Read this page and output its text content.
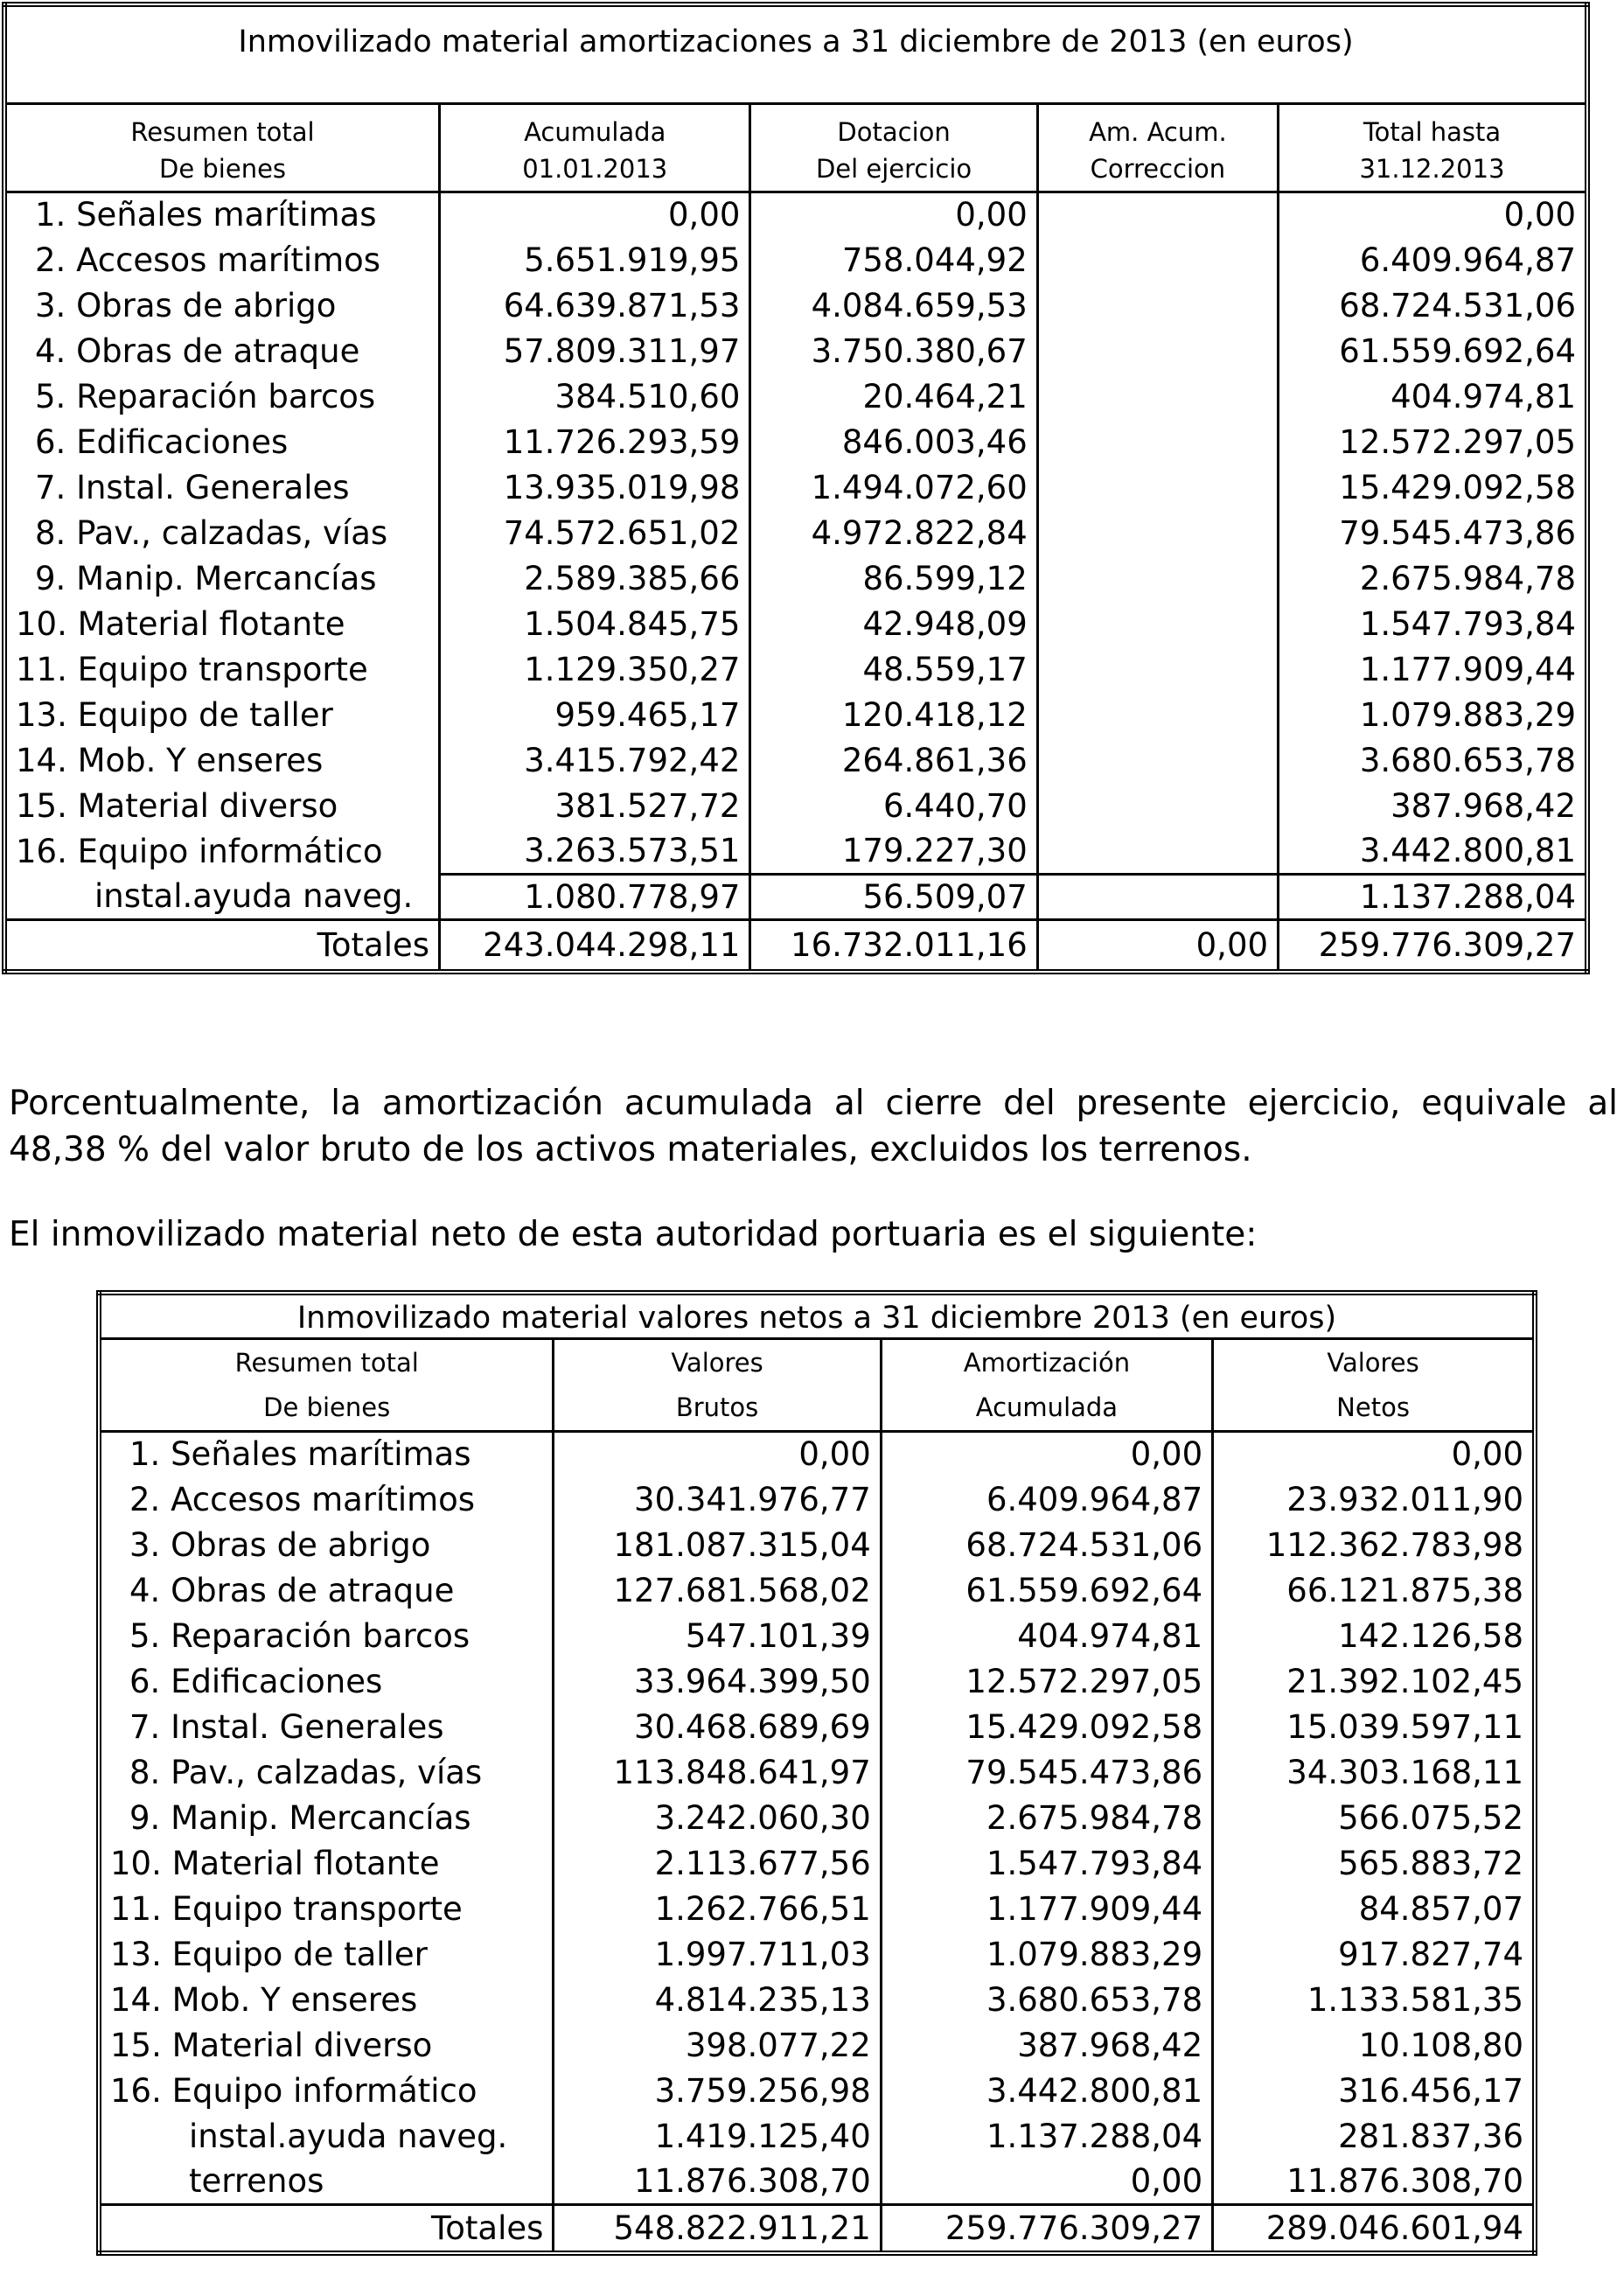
Inmovilizado material amortizaciones a 31 diciembre de 2013 (en euros)				
Resumen total	Acumulada	Dotacion	Am. Acum.	Total hasta
De bienes	01.01.2013	Del ejercicio	Correccion	31.12.2013
1. Señales marítimas	0,00	0,00		0,00
2. Accesos marítimos	5.651.919,95	758.044,92		6.409.964,87
3. Obras de abrigo	64.639.871,53	4.084.659,53		68.724.531,06
4. Obras de atraque	57.809.311,97	3.750.380,67		61.559.692,64
5. Reparación barcos	384.510,60	20.464,21		404.974,81
6. Edificaciones	11.726.293,59	846.003,46		12.572.297,05
7. Instal. Generales	13.935.019,98	1.494.072,60		15.429.092,58
8. Pav., calzadas, vías	74.572.651,02	4.972.822,84		79.545.473,86
9. Manip. Mercancías	2.589.385,66	86.599,12		2.675.984,78
10. Material flotante	1.504.845,75	42.948,09		1.547.793,84
11. Equipo transporte	1.129.350,27	48.559,17		1.177.909,44
13. Equipo de taller	959.465,17	120.418,12		1.079.883,29
14. Mob. Y enseres	3.415.792,42	264.861,36		3.680.653,78
15. Material diverso	381.527,72	6.440,70		387.968,42
16. Equipo informático	3.263.573,51	179.227,30		3.442.800,81
instal.ayuda naveg.	1.080.778,97	56.509,07		1.137.288,04
Totales	243.044.298,11	16.732.011,16	0,00	259.776.309,27

Porcentualmente, la amortización acumulada al cierre del presente ejercicio, equivale al 48,38 % del valor bruto de los activos materiales, excluidos los terrenos.

El inmovilizado material neto de esta autoridad portuaria es el siguiente:

Inmovilizado material valores netos a 31 diciembre 2013 (en euros)			
Resumen total	Valores	Amortización	Valores
De bienes	Brutos	Acumulada	Netos
1. Señales marítimas	0,00	0,00	0,00
2. Accesos marítimos	30.341.976,77	6.409.964,87	23.932.011,90
3. Obras de abrigo	181.087.315,04	68.724.531,06	112.362.783,98
4. Obras de atraque	127.681.568,02	61.559.692,64	66.121.875,38
5. Reparación barcos	547.101,39	404.974,81	142.126,58
6. Edificaciones	33.964.399,50	12.572.297,05	21.392.102,45
7. Instal. Generales	30.468.689,69	15.429.092,58	15.039.597,11
8. Pav., calzadas, vías	113.848.641,97	79.545.473,86	34.303.168,11
9. Manip. Mercancías	3.242.060,30	2.675.984,78	566.075,52
10. Material flotante	2.113.677,56	1.547.793,84	565.883,72
11. Equipo transporte	1.262.766,51	1.177.909,44	84.857,07
13. Equipo de taller	1.997.711,03	1.079.883,29	917.827,74
14. Mob. Y enseres	4.814.235,13	3.680.653,78	1.133.581,35
15. Material diverso	398.077,22	387.968,42	10.108,80
16. Equipo informático	3.759.256,98	3.442.800,81	316.456,17
instal.ayuda naveg.	1.419.125,40	1.137.288,04	281.837,36
terrenos	11.876.308,70	0,00	11.876.308,70
Totales	548.822.911,21	259.776.309,27	289.046.601,94
